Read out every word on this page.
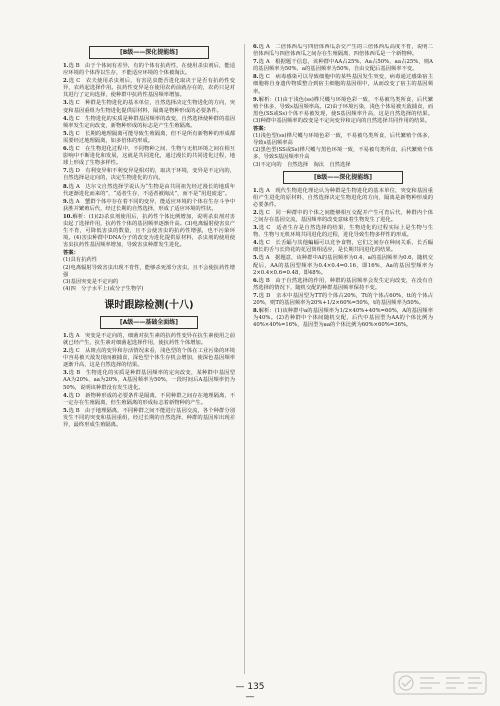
[B级——深化提能练]
1.选 B　由于个体间有差异，有的个体有抗药性，在使用杀虫剂后，能适应环境的个体得以生存，不能适应环境的个体被淘汰。
2.选 C　农夫使用杀虫剂后，有害昆虫能否进化取决于是否有抗药性变异，农药起选择作用。抗药性变异是在使用农药前就存在的，农药只是对其进行了定向选择，使种群中抗药性基因频率增加。
3.选 C　种群是生物进化的基本单位，自然选择决定生物进化的方向，突变和基因重组为生物进化提供原材料，隔离是物种形成的必要条件。
4.选 C　生物进化的实质是种群基因频率的改变，自然选择使种群的基因频率发生定向改变，新物种形成的标志是产生生殖隔离。
5.选 C　长期的地理隔离可能导致生殖隔离，但不是所有新物种的形成都需要经过地理隔离，如多倍体的形成。
6.选 C　在生物进化过程中，不同物种之间、生物与无机环境之间在相互影响中不断进化和发展，这就是共同进化，通过漫长的共同进化过程，地球上形成了生物多样性。
7.选 D　有利变异和不利变异是相对的，取决于环境，变异是不定向的，自然选择是定向的，决定生物进化的方向。
8.选 A　达尔文自然选择学说认为“生物是由共同祖先经过漫长的地质年代逐渐进化而来的”，“适者生存，不适者被淘汰”，而不是“用进废退”。
9.选 A　蟹群个体中存在着不同的变异，能适应环境的个体在生存斗争中获胜并繁殖后代，经过长期的自然选择，形成了适应环境的性状。
10.解析：(1)(2)杀虫剂使用后，抗药性个体比例增加，说明杀虫剂对害虫起了选择作用，抗药性个体的基因频率逐渐升高。(3)电离辐射使害虫产生不育，可降低害虫的数量，且不会使害虫的抗药性增强，也不污染环境。(4)害虫种群中DNA分子的改变为进化提供原材料，杀虫剂的使用使害虫抗药性基因频率增加，导致害虫种群发生进化。
答案：
(1)具有抗药性
(2)电离辐射导致害虫出现不育性，能够杀死部分害虫，且不会使抗药性增强
(3)基因突变是不定向的
(4)四　分子水平上(或分子生物学)
课时跟踪检测(十八)
[A级——基础全面练]
1.选 A　突变是不定向的，细菌对抗生素的抗药性变异在抗生素使用之前就已经产生，抗生素对细菌起选择作用，使抗药性个体增加。
2.选 C　从斑点的变异和存活情况来看，浅色型的个体在工业污染的环境中容易被天敌发现而被捕食，深色型个体生存机会增加，使深色基因频率逐渐升高，这是自然选择的结果。
3.选 B　生物进化的实质是种群基因频率的定向改变，某种群中基因型AA为20%、aa为20%，A基因频率为50%，一段时间后A基因频率仍为50%，说明该种群没有发生进化。
4.选 D　新物种形成的必要条件是隔离，不同种群之间存在地理隔离，不一定存在生殖隔离，但生殖隔离的形成标志着新物种的产生。
5.选 B　由于地理隔离，不同种群之间不能进行基因交流，各个种群分别发生不同的突变和基因重组，经过长期的自然选择，种群的基因库出现差异，最终形成生殖隔离。
6.选 A　二倍体西瓜与四倍体西瓜杂交产生的三倍体西瓜高度不育，说明二倍体西瓜与四倍体西瓜之间存在生殖隔离，四倍体西瓜是一个新物种。
7.选 A　根据题干信息，该种群中AA占25%、Aa占50%、aa占25%，则A的基因频率为50%，a的基因频率为50%，自由交配后基因频率不变。
8.选 C　病毒感染可以导致细胞中的某些基因发生突变，病毒通过感染宿主细胞将自身遗传物质整合到宿主细胞的基因组中，从而改变了宿主的基因频率。
9.解析：(1)由于浅色(ss)桦尺蠖与环境色彩一致，不易被鸟类所食，后代繁殖个体多，导致s基因频率高。(2)由于环境污染，浅色个体易被天敌捕食，而黑色(SS或Ss)个体不易被发现，使S基因频率升高，这是自然选择的结果。(3)种群中基因频率的改变是不定向变异和定向的自然选择共同作用的结果。
答案：
(1)浅色型(ss)桦尺蠖与环境色彩一致，不易被鸟类所食，后代繁殖个体多，导致s基因频率高
(2)黑色型(SS或Ss)桦尺蠖与黑色环境一致，不易被鸟类所食，后代繁殖个体多，导致S基因频率升高
(3)不定向的　自然选择　淘汰　自然选择
[B级——深化提能练]
1.选 A　现代生物进化理论认为种群是生物进化的基本单位，突变和基因重组产生进化的原材料，自然选择决定生物进化的方向，隔离是新物种形成的必要条件。
2.选 C　同一种群中的个体之间能够相互交配并产生可育后代，种群内个体之间存在基因交流，基因频率的改变意味着生物发生了进化。
3.选 C　适者生存是自然选择的结果，生物进化的过程实际上是生物与生物、生物与无机环境共同进化的过程，进化导致生物多样性的形成。
4.选 C　长舌蝠与其他蝙蝠可以竞争食物，它们之间存在种间关系，长舌蝠细长的舌与长筒花的花冠筒相适应，是长期共同进化的结果。
5.选 A　据题意，该种群中A的基因频率为0.4，a的基因频率为0.6，随机交配后，AA的基因型频率为0.4×0.4=0.16，即16%，Aa的基因型频率为2×0.4×0.6=0.48，即48%。
6.选 B　由于自然选择的作用，种群的基因频率会发生定向改变，在没有自然选择的情况下，随机交配的种群基因频率保持不变。
7.选 D　亲本中基因型为TT的个体占20%，Tt的个体占60%，tt的个体占20%，则T的基因频率为20%+1/2×60%=50%，t的基因频率为50%。
8.解析：(1)该种群中a的基因频率为1/2×40%+40%=60%，A的基因频率为40%。(2)若种群中个体间随机交配，后代中基因型为AA的个体比例为40%×40%=16%，基因型为aa的个体比例为60%×60%=36%。
— 135 —
